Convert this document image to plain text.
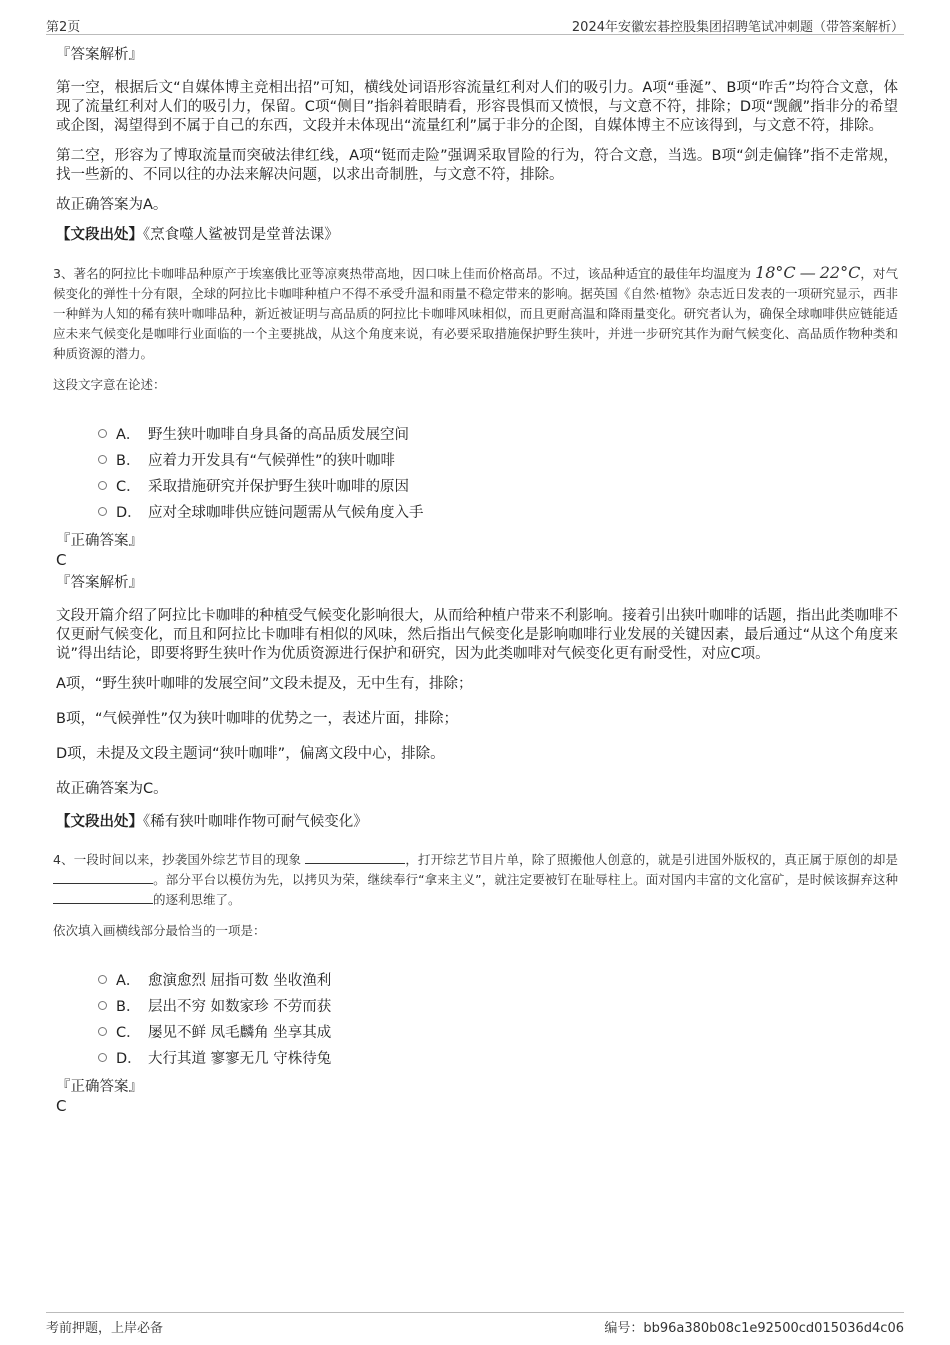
第2页	2024年安徽宏碁控股集团招聘笔试冲刺题（带答案解析）

『答案解析』

第一空，根据后文“自媒体博主竞相出招”可知，横线处词语形容流量红利对人们的吸引力。A项“垂涎”、B项“咋舌”均符合文意，体现了流量红利对人们的吸引力，保留。C项“侧目”指斜着眼睛看，形容畏惧而又愤恨，与文意不符，排除；D项“觊觎”指非分的希望或企图，渴望得到不属于自己的东西，文段并未体现出“流量红利”属于非分的企图，自媒体博主不应该得到，与文意不符，排除。

第二空，形容为了博取流量而突破法律红线，A项“铤而走险”强调采取冒险的行为，符合文意，当选。B项“剑走偏锋”指不走常规，找一些新的、不同以往的办法来解决问题，以求出奇制胜，与文意不符，排除。

故正确答案为A。

【文段出处】《烹食噬人鲨被罚是堂普法课》

3、著名的阿拉比卡咖啡品种原产于埃塞俄比亚等凉爽热带高地，因口味上佳而价格高昂。不过，该品种适宜的最佳年均温度为 18°C — 22°C，对气候变化的弹性十分有限，全球的阿拉比卡咖啡种植户不得不承受升温和雨量不稳定带来的影响。据英国《自然·植物》杂志近日发表的一项研究显示，西非一种鲜为人知的稀有狭叶咖啡品种，新近被证明与高品质的阿拉比卡咖啡风味相似，而且更耐高温和降雨量变化。研究者认为，确保全球咖啡供应链能适应未来气候变化是咖啡行业面临的一个主要挑战，从这个角度来说，有必要采取措施保护野生狭叶，并进一步研究其作为耐气候变化、高品质作物种类和种质资源的潜力。

这段文字意在论述：

A． 野生狭叶咖啡自身具备的高品质发展空间
B． 应着力开发具有“气候弹性”的狭叶咖啡
C． 采取措施研究并保护野生狭叶咖啡的原因
D． 应对全球咖啡供应链问题需从气候角度入手

『正确答案』

C

『答案解析』

文段开篇介绍了阿拉比卡咖啡的种植受气候变化影响很大，从而给种植户带来不利影响。接着引出狭叶咖啡的话题，指出此类咖啡不仅更耐气候变化，而且和阿拉比卡咖啡有相似的风味，然后指出气候变化是影响咖啡行业发展的关键因素，最后通过“从这个角度来说”得出结论，即要将野生狭叶作为优质资源进行保护和研究，因为此类咖啡对气候变化更有耐受性，对应C项。

A项，“野生狭叶咖啡的发展空间”文段未提及，无中生有，排除；

B项，“气候弹性”仅为狭叶咖啡的优势之一，表述片面，排除；

D项，未提及文段主题词“狭叶咖啡”，偏离文段中心，排除。

故正确答案为C。

【文段出处】《稀有狭叶咖啡作物可耐气候变化》

4、一段时间以来，抄袭国外综艺节目的现象	，打开综艺节目片单，除了照搬他人创意的，就是引进国外版权的，真正属于原创的却是 。部分平台以模仿为先，以拷贝为荣，继续奉行“拿来主义”，就注定要被钉在耻辱柱上。面对国内丰富的文化富矿，是时候该摒弃这种 的逐利思维了。

依次填入画横线部分最恰当的一项是：

A． 愈演愈烈 屈指可数 坐收渔利
B． 层出不穷 如数家珍 不劳而获
C． 屡见不鲜 凤毛麟角 坐享其成
D． 大行其道 寥寥无几 守株待兔

『正确答案』

C

考前押题，上岸必备	编号：bb96a380b08c1e92500cd015036d4c06
